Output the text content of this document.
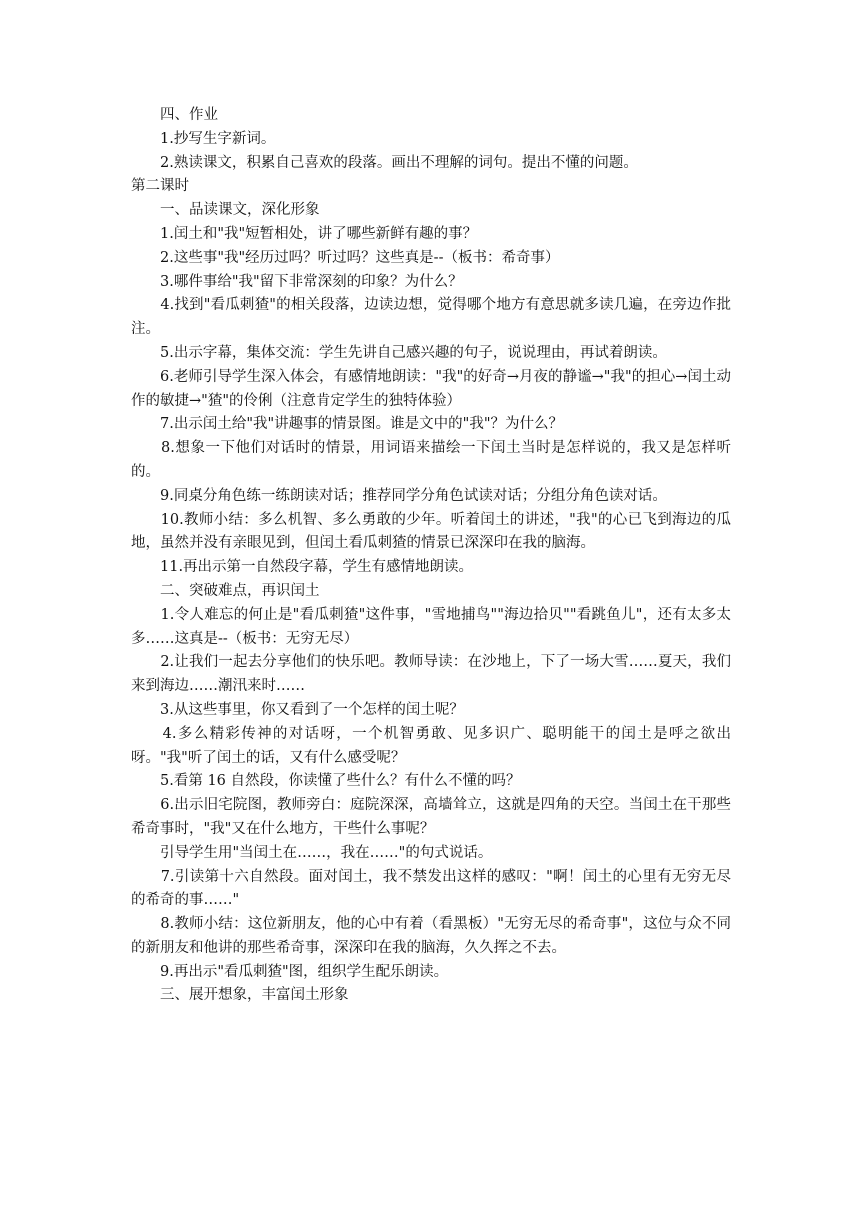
　　四、作业

　　1.抄写生字新词。

　　2.熟读课文，积累自己喜欢的段落。画出不理解的词句。提出不懂的问题。

第二课时

　　一、品读课文，深化形象

　　1.闰土和"我"短暂相处，讲了哪些新鲜有趣的事？

　　2.这些事"我"经历过吗？听过吗？这些真是--（板书：希奇事）

　　3.哪件事给"我"留下非常深刻的印象？为什么？

　　4.找到"看瓜刺猹"的相关段落，边读边想，觉得哪个地方有意思就多读几遍，在旁边作批注。

　　5.出示字幕，集体交流：学生先讲自己感兴趣的句子，说说理由，再试着朗读。

　　6.老师引导学生深入体会，有感情地朗读："我"的好奇→月夜的静谧→"我"的担心→闰土动作的敏捷→"猹"的伶俐（注意肯定学生的独特体验）

　　7.出示闰土给"我"讲趣事的情景图。谁是文中的"我"？为什么？

　　8.想象一下他们对话时的情景，用词语来描绘一下闰土当时是怎样说的，我又是怎样听的。

　　9.同桌分角色练一练朗读对话；推荐同学分角色试读对话；分组分角色读对话。

　　10.教师小结：多么机智、多么勇敢的少年。听着闰土的讲述，"我"的心已飞到海边的瓜地，虽然并没有亲眼见到，但闰土看瓜刺猹的情景已深深印在我的脑海。

　　11.再出示第一自然段字幕，学生有感情地朗读。

　　二、突破难点，再识闰土

　　1.令人难忘的何止是"看瓜刺猹"这件事，"雪地捕鸟""海边拾贝""看跳鱼儿"，还有太多太多……这真是--（板书：无穷无尽）

　　2.让我们一起去分享他们的快乐吧。教师导读：在沙地上，下了一场大雪……夏天，我们来到海边……潮汛来时……

　　3.从这些事里，你又看到了一个怎样的闰土呢？

　　4.多么精彩传神的对话呀，一个机智勇敢、见多识广、聪明能干的闰土是呼之欲出呀。"我"听了闰土的话，又有什么感受呢？

　　5.看第 16 自然段，你读懂了些什么？有什么不懂的吗？

　　6.出示旧宅院图，教师旁白：庭院深深，高墙耸立，这就是四角的天空。当闰土在干那些希奇事时，"我"又在什么地方，干些什么事呢？

　　引导学生用"当闰土在……，我在……"的句式说话。

　　7.引读第十六自然段。面对闰土，我不禁发出这样的感叹："啊！闰土的心里有无穷无尽的希奇的事……"

　　8.教师小结：这位新朋友，他的心中有着（看黑板）"无穷无尽的希奇事"，这位与众不同的新朋友和他讲的那些希奇事，深深印在我的脑海，久久挥之不去。

　　9.再出示"看瓜刺猹"图，组织学生配乐朗读。

　　三、展开想象，丰富闰土形象
